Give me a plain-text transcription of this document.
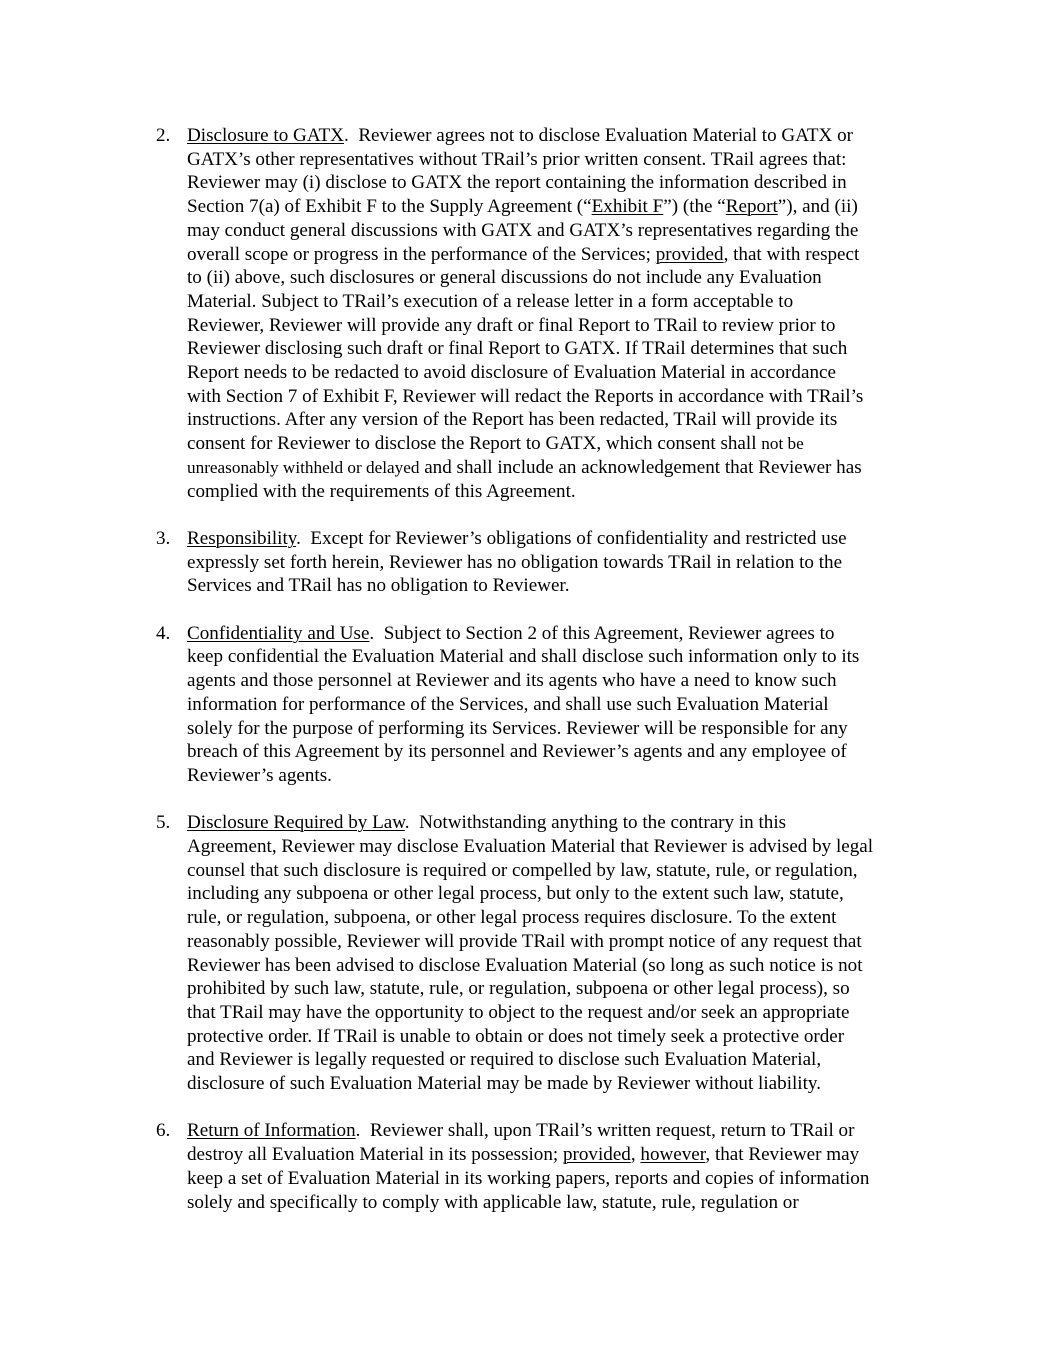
2. Disclosure to GATX.  Reviewer agrees not to disclose Evaluation Material to GATX or
GATX’s other representatives without TRail’s prior written consent. TRail agrees that:
Reviewer may (i) disclose to GATX the report containing the information described in
Section 7(a) of Exhibit F to the Supply Agreement (“Exhibit F”) (the “Report”), and (ii)
may conduct general discussions with GATX and GATX’s representatives regarding the
overall scope or progress in the performance of the Services; provided, that with respect
to (ii) above, such disclosures or general discussions do not include any Evaluation
Material. Subject to TRail’s execution of a release letter in a form acceptable to
Reviewer, Reviewer will provide any draft or final Report to TRail to review prior to
Reviewer disclosing such draft or final Report to GATX. If TRail determines that such
Report needs to be redacted to avoid disclosure of Evaluation Material in accordance
with Section 7 of Exhibit F, Reviewer will redact the Reports in accordance with TRail’s
instructions. After any version of the Report has been redacted, TRail will provide its
consent for Reviewer to disclose the Report to GATX, which consent shall not be
unreasonably withheld or delayed and shall include an acknowledgement that Reviewer has
complied with the requirements of this Agreement.
3. Responsibility.  Except for Reviewer’s obligations of confidentiality and restricted use
expressly set forth herein, Reviewer has no obligation towards TRail in relation to the
Services and TRail has no obligation to Reviewer.
4. Confidentiality and Use.  Subject to Section 2 of this Agreement, Reviewer agrees to
keep confidential the Evaluation Material and shall disclose such information only to its
agents and those personnel at Reviewer and its agents who have a need to know such
information for performance of the Services, and shall use such Evaluation Material
solely for the purpose of performing its Services. Reviewer will be responsible for any
breach of this Agreement by its personnel and Reviewer’s agents and any employee of
Reviewer’s agents.
5. Disclosure Required by Law.  Notwithstanding anything to the contrary in this
Agreement, Reviewer may disclose Evaluation Material that Reviewer is advised by legal
counsel that such disclosure is required or compelled by law, statute, rule, or regulation,
including any subpoena or other legal process, but only to the extent such law, statute,
rule, or regulation, subpoena, or other legal process requires disclosure. To the extent
reasonably possible, Reviewer will provide TRail with prompt notice of any request that
Reviewer has been advised to disclose Evaluation Material (so long as such notice is not
prohibited by such law, statute, rule, or regulation, subpoena or other legal process), so
that TRail may have the opportunity to object to the request and/or seek an appropriate
protective order. If TRail is unable to obtain or does not timely seek a protective order
and Reviewer is legally requested or required to disclose such Evaluation Material,
disclosure of such Evaluation Material may be made by Reviewer without liability.
6. Return of Information.  Reviewer shall, upon TRail’s written request, return to TRail or
destroy all Evaluation Material in its possession; provided, however, that Reviewer may
keep a set of Evaluation Material in its working papers, reports and copies of information
solely and specifically to comply with applicable law, statute, rule, regulation or
